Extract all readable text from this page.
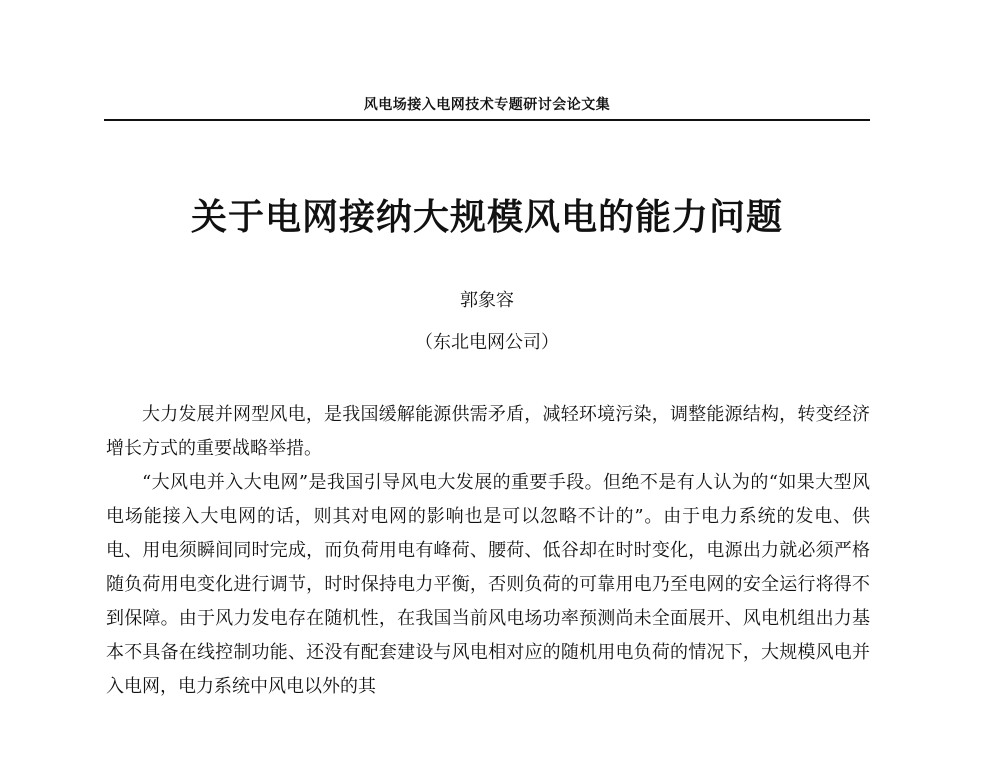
风电场接入电网技术专题研讨会论文集
关于电网接纳大规模风电的能力问题
郭象容
（东北电网公司）

大力发展并网型风电，是我国缓解能源供需矛盾，减轻环境污染，调整能源结构，转变经济增长方式的重要战略举措。

“大风电并入大电网”是我国引导风电大发展的重要手段。但绝不是有人认为的“如果大型风电场能接入大电网的话，则其对电网的影响也是可以忽略不计的”。由于电力系统的发电、供电、用电须瞬间同时完成，而负荷用电有峰荷、腰荷、低谷却在时时变化，电源出力就必须严格随负荷用电变化进行调节，时时保持电力平衡，否则负荷的可靠用电乃至电网的安全运行将得不到保障。由于风力发电存在随机性，在我国当前风电场功率预测尚未全面展开、风电机组出力基本不具备在线控制功能、还没有配套建设与风电相对应的随机用电负荷的情况下，大规模风电并入电网，电力系统中风电以外的其
